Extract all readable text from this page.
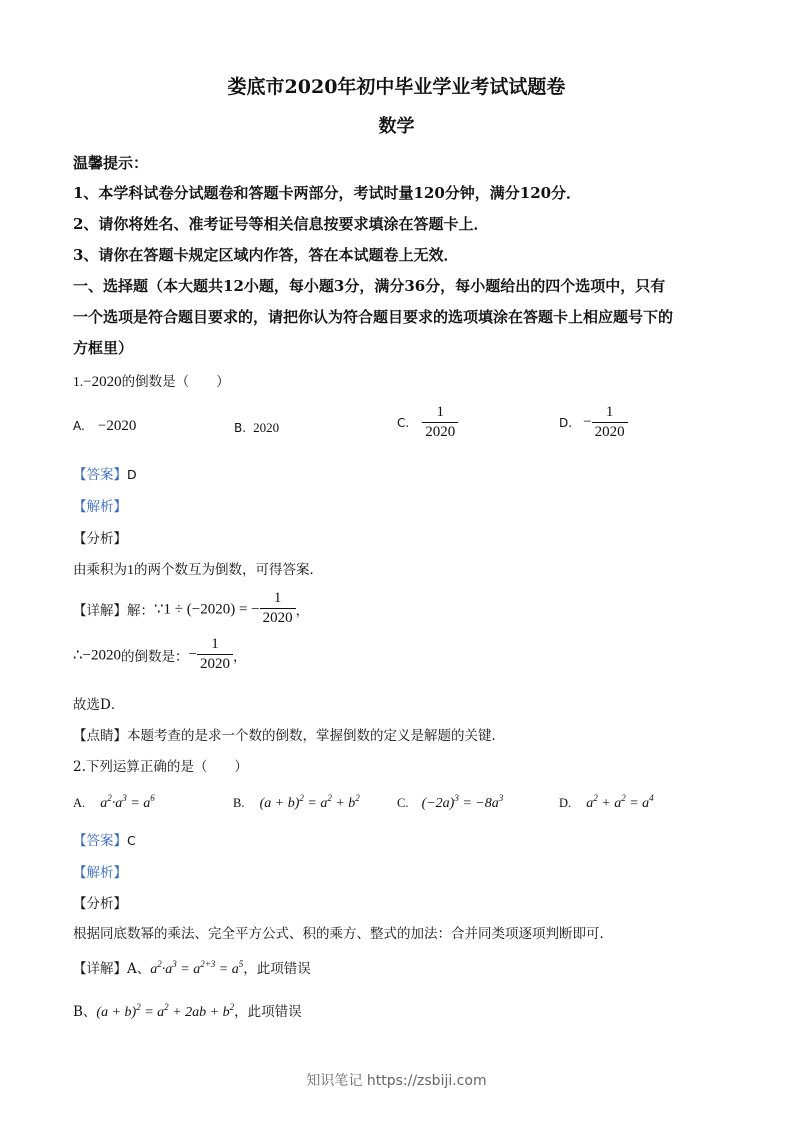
娄底市2020年初中毕业学业考试试题卷
数学
温馨提示：
1、本学科试卷分试题卷和答题卡两部分，考试时量120分钟，满分120分．
2、请你将姓名、准考证号等相关信息按要求填涂在答题卡上．
3、请你在答题卡规定区域内作答，答在本试题卷上无效．
一、选择题（本大题共12小题，每小题3分，满分36分，每小题给出的四个选项中，只有
一个选项是符合题目要求的，请把你认为符合题目要求的选项填涂在答题卡上相应题号下的
方框里）
1.−2020的倒数是（　　）
A. −2020	B. 2020	C. $\frac{1}{2020}$	D. − $\frac{1}{2020}$
【答案】D
【解析】
【分析】
由乘积为1的两个数互为倒数，可得答案．
【详解】解：∵1 ÷ (−2020) = − $\frac{1}{2020}$ ，
∴−2020的倒数是：− $\frac{1}{2020}$ ，
故选D．
【点睛】本题考查的是求一个数的倒数，掌握倒数的定义是解题的关键．
2.下列运算正确的是（　　）
A. $a^2\cdot a^3 = a^6$	B. $(a + b)^2 = a^2 + b^2$	C. $(-2a)^3 = -8a^3$	D. $a^2 + a^2 = a^4$
【答案】C
【解析】
【分析】
根据同底数幂的乘法、完全平方公式、积的乘方、整式的加法：合并同类项逐项判断即可．
【详解】A、$a^2\cdot a^3 = a^{2+3} = a^5$，此项错误
B、$(a + b)^2 = a^2 + 2ab + b^2$，此项错误
知识笔记 https://zsbiji.com
